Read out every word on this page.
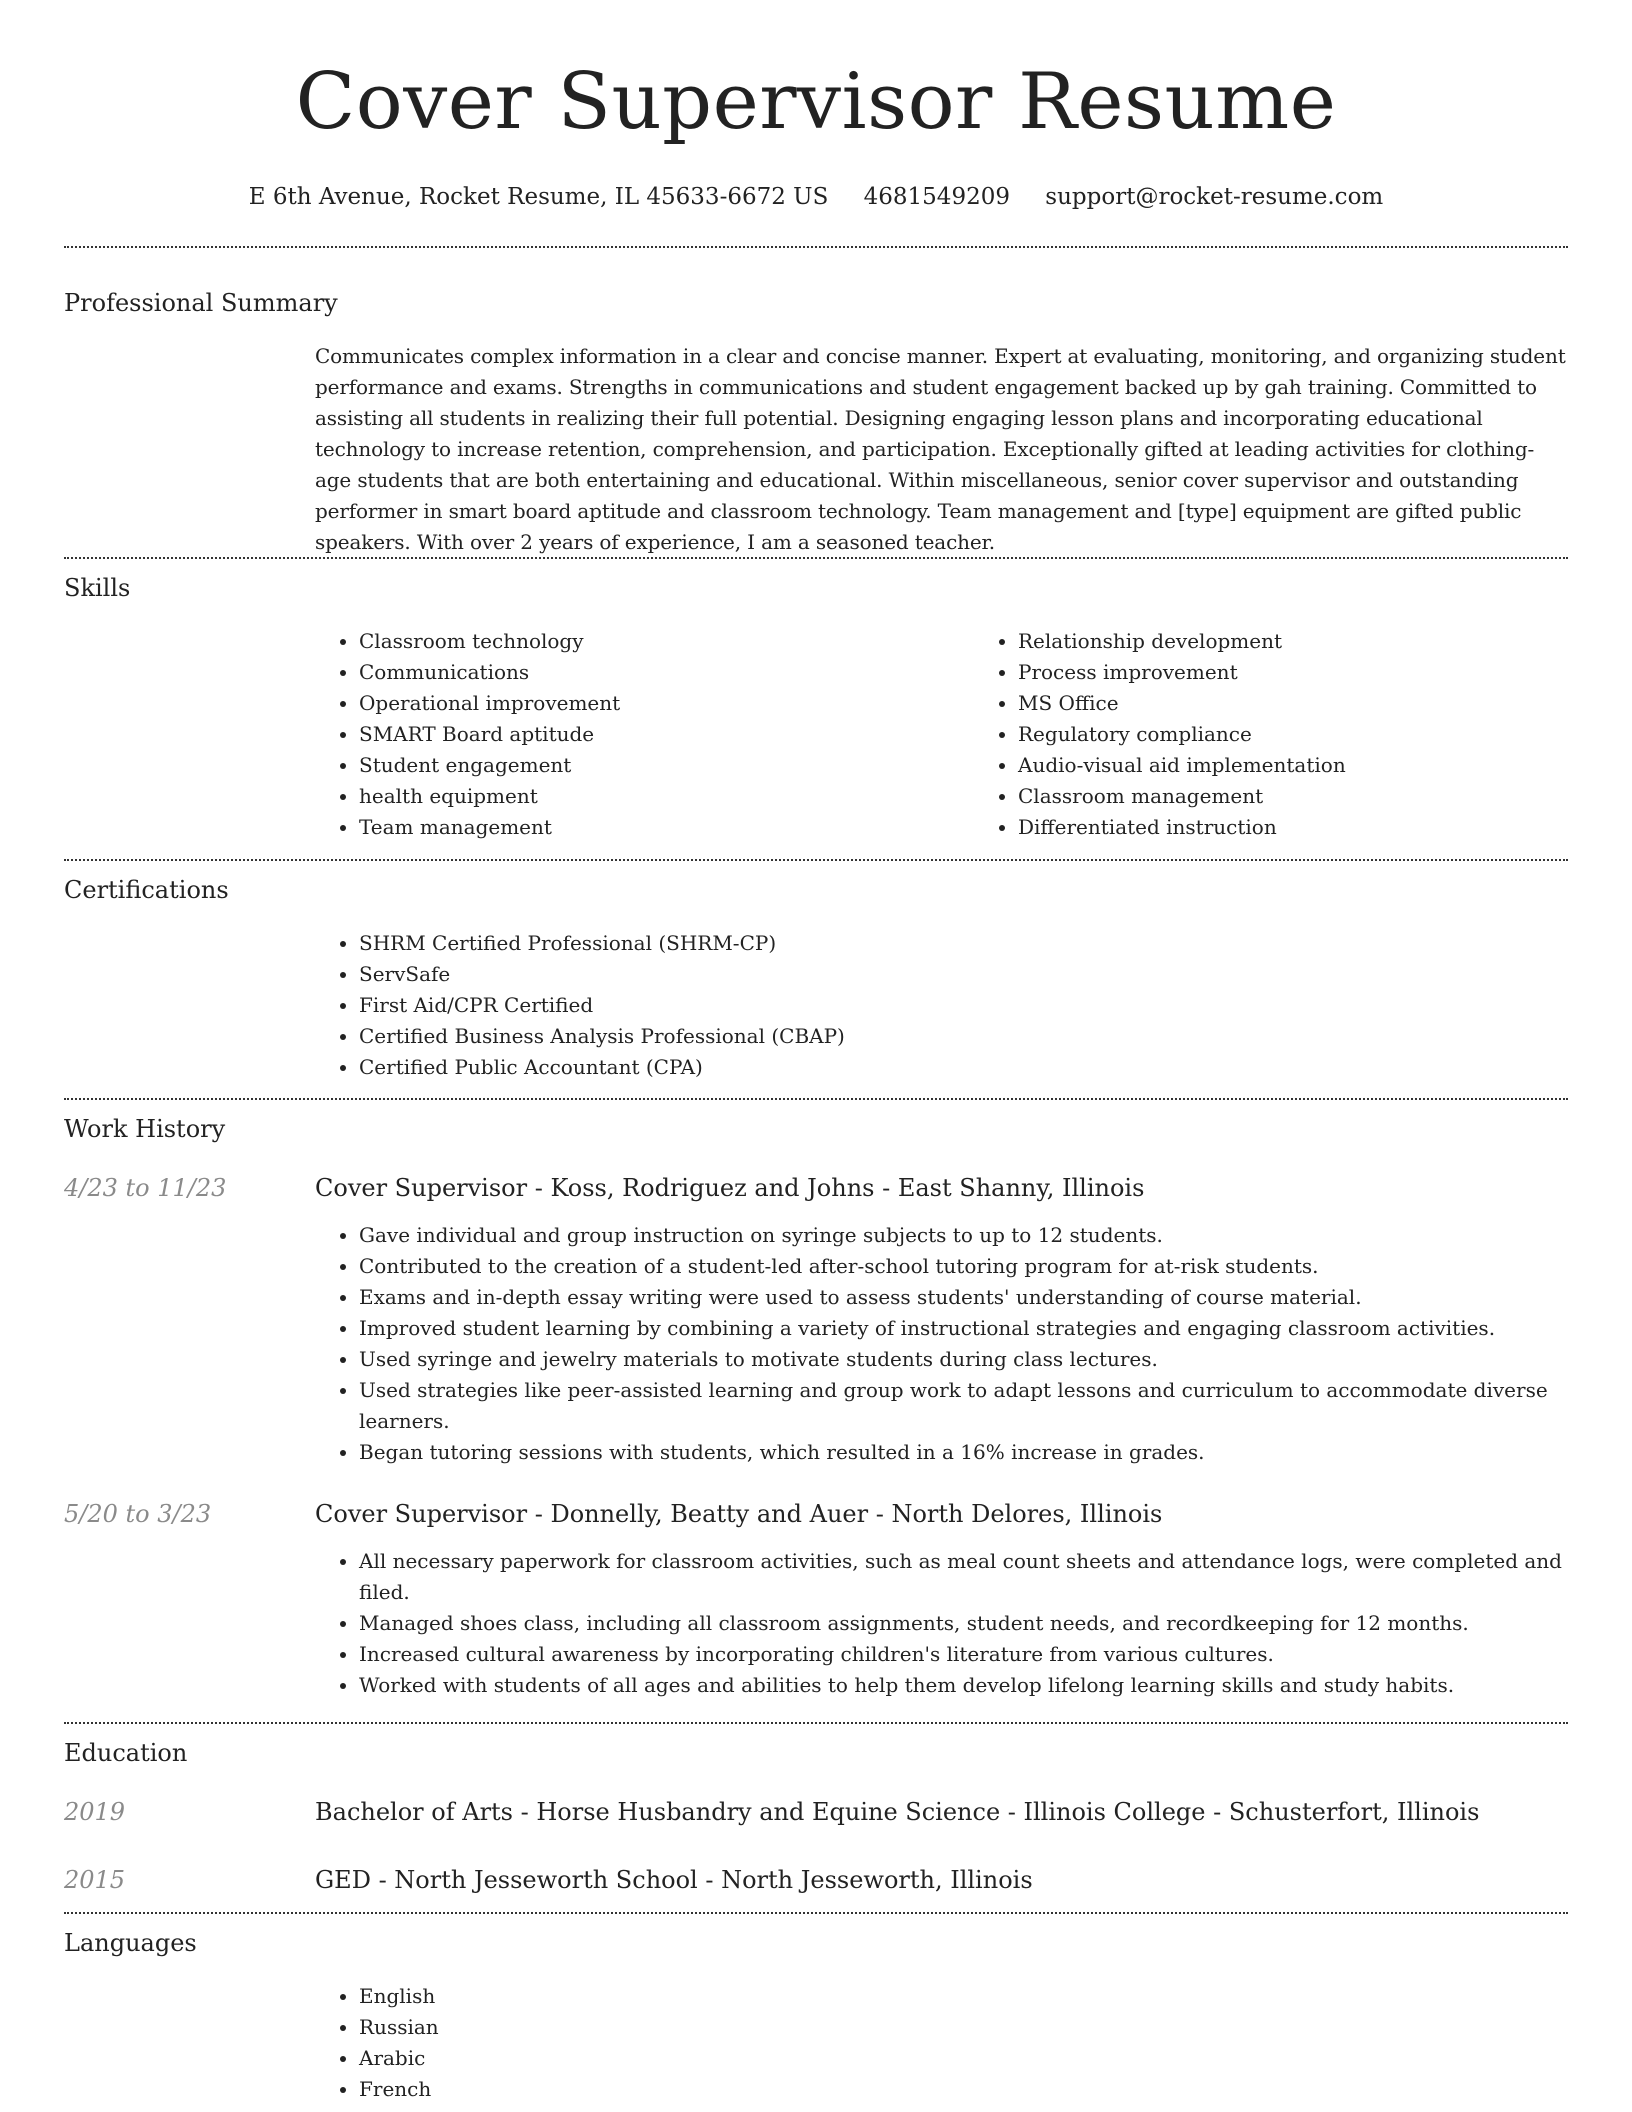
Cover Supervisor Resume
E 6th Avenue, Rocket Resume, IL 45633-6672 US 4681549209 support@rocket-resume.com
Professional Summary

Communicates complex information in a clear and concise manner. Expert at evaluating, monitoring, and organizing student performance and exams. Strengths in communications and student engagement backed up by gah training. Committed to assisting all students in realizing their full potential. Designing engaging lesson plans and incorporating educational technology to increase retention, comprehension, and participation. Exceptionally gifted at leading activities for clothing-age students that are both entertaining and educational. Within miscellaneous, senior cover supervisor and outstanding performer in smart board aptitude and classroom technology. Team management and [type] equipment are gifted public speakers. With over 2 years of experience, I am a seasoned teacher.

Skills
• Classroom technology
• Communications
• Operational improvement
• SMART Board aptitude
• Student engagement
• health equipment
• Team management
• Relationship development
• Process improvement
• MS Office
• Regulatory compliance
• Audio-visual aid implementation
• Classroom management
• Differentiated instruction
Certifications
• SHRM Certified Professional (SHRM-CP)
• ServSafe
• First Aid/CPR Certified
• Certified Business Analysis Professional (CBAP)
• Certified Public Accountant (CPA)
Work History
4/23 to 11/23	Cover Supervisor - Koss, Rodriguez and Johns - East Shanny, Illinois
• Gave individual and group instruction on syringe subjects to up to 12 students.
• Contributed to the creation of a student-led after-school tutoring program for at-risk students.
• Exams and in-depth essay writing were used to assess students' understanding of course material.
• Improved student learning by combining a variety of instructional strategies and engaging classroom activities.
• Used syringe and jewelry materials to motivate students during class lectures.
• Used strategies like peer-assisted learning and group work to adapt lessons and curriculum to accommodate diverse learners.
• Began tutoring sessions with students, which resulted in a 16% increase in grades.
5/20 to 3/23	Cover Supervisor - Donnelly, Beatty and Auer - North Delores, Illinois
• All necessary paperwork for classroom activities, such as meal count sheets and attendance logs, were completed and filed.
• Managed shoes class, including all classroom assignments, student needs, and recordkeeping for 12 months.
• Increased cultural awareness by incorporating children's literature from various cultures.
• Worked with students of all ages and abilities to help them develop lifelong learning skills and study habits.
Education
2019	Bachelor of Arts - Horse Husbandry and Equine Science - Illinois College - Schusterfort, Illinois
2015	GED - North Jesseworth School - North Jesseworth, Illinois
Languages
• English
• Russian
• Arabic
• French
